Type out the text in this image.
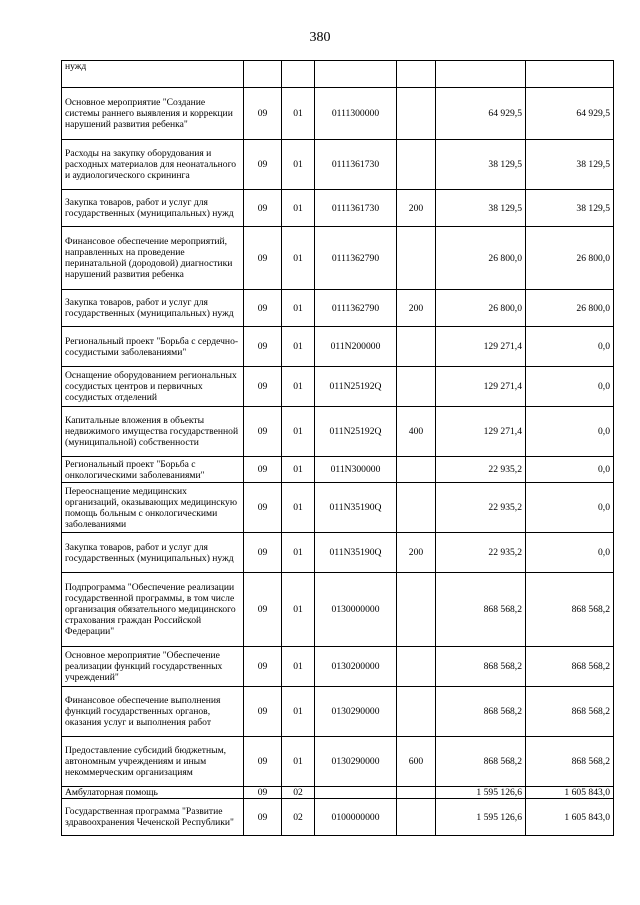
380
нужд						
Основное мероприятие "Создание системы раннего выявления и коррекции нарушений развития ребенка"	09	01	0111300000		64 929,5	64 929,5
Расходы на закупку оборудования и расходных материалов для неонатального и аудиологического скрининга	09	01	0111361730		38 129,5	38 129,5
Закупка товаров, работ и услуг для государственных (муниципальных) нужд	09	01	0111361730	200	38 129,5	38 129,5
Финансовое обеспечение мероприятий, направленных на проведение перинатальной (дородовой) диагностики нарушений развития ребенка	09	01	0111362790		26 800,0	26 800,0
Закупка товаров, работ и услуг для государственных (муниципальных) нужд	09	01	0111362790	200	26 800,0	26 800,0
Региональный проект "Борьба с сердечно-сосудистыми заболеваниями"	09	01	011N200000		129 271,4	0,0
Оснащение оборудованием региональных сосудистых центров и первичных сосудистых отделений	09	01	011N25192Q		129 271,4	0,0
Капитальные вложения в объекты недвижимого имущества государственной (муниципальной) собственности	09	01	011N25192Q	400	129 271,4	0,0
Региональный проект "Борьба с онкологическими заболеваниями"	09	01	011N300000		22 935,2	0,0
Переоснащение медицинских организаций, оказывающих медицинскую помощь больным с онкологическими заболеваниями	09	01	011N35190Q		22 935,2	0,0
Закупка товаров, работ и услуг для государственных (муниципальных) нужд	09	01	011N35190Q	200	22 935,2	0,0
Подпрограмма "Обеспечение реализации государственной программы, в том числе организация обязательного медицинского страхования граждан Российской Федерации"	09	01	0130000000		868 568,2	868 568,2
Основное мероприятие "Обеспечение реализации функций государственных учреждений"	09	01	0130200000		868 568,2	868 568,2
Финансовое обеспечение выполнения функций государственных органов, оказания услуг и выполнения работ	09	01	0130290000		868 568,2	868 568,2
Предоставление субсидий бюджетным, автономным учреждениям и иным некоммерческим организациям	09	01	0130290000	600	868 568,2	868 568,2
Амбулаторная помощь	09	02			1 595 126,6	1 605 843,0
Государственная программа "Развитие здравоохранения Чеченской Республики"	09	02	0100000000		1 595 126,6	1 605 843,0
